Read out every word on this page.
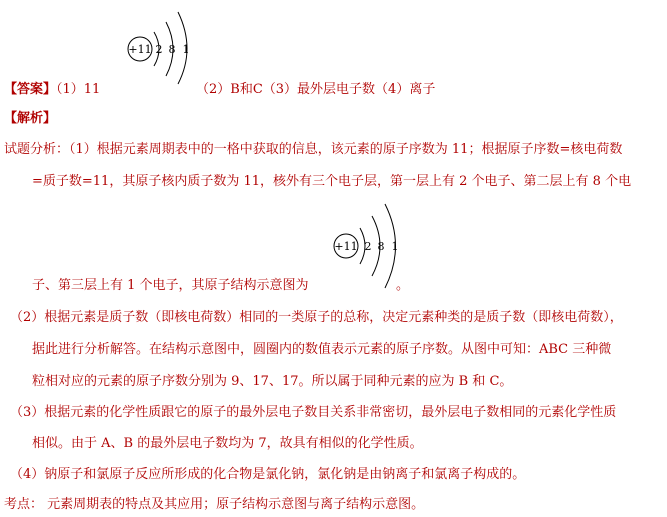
+11 2 8 1
【答案】（1）11	（2）B和C（3）最外层电子数（4）离子
【解析】
试题分析：（1）根据元素周期表中的一格中获取的信息，该元素的原子序数为 11；根据原子序数=核电荷数
=质子数=11，其原子核内质子数为 11，核外有三个电子层，第一层上有 2 个电子、第二层上有 8 个电
+11 2 8 1
子、第三层上有 1 个电子，其原子结构示意图为	。
（2）根据元素是质子数（即核电荷数）相同的一类原子的总称，决定元素种类的是质子数（即核电荷数），
据此进行分析解答。在结构示意图中，圆圈内的数值表示元素的原子序数。从图中可知：ABC 三种微
粒相对应的元素的原子序数分别为 9、17、17。所以属于同种元素的应为 B 和 C。
（3）根据元素的化学性质跟它的原子的最外层电子数目关系非常密切，最外层电子数相同的元素化学性质
相似。由于 A、B 的最外层电子数均为 7，故具有相似的化学性质。
（4）钠原子和氯原子反应所形成的化合物是氯化钠，氯化钠是由钠离子和氯离子构成的。
考点： 元素周期表的特点及其应用；原子结构示意图与离子结构示意图。
